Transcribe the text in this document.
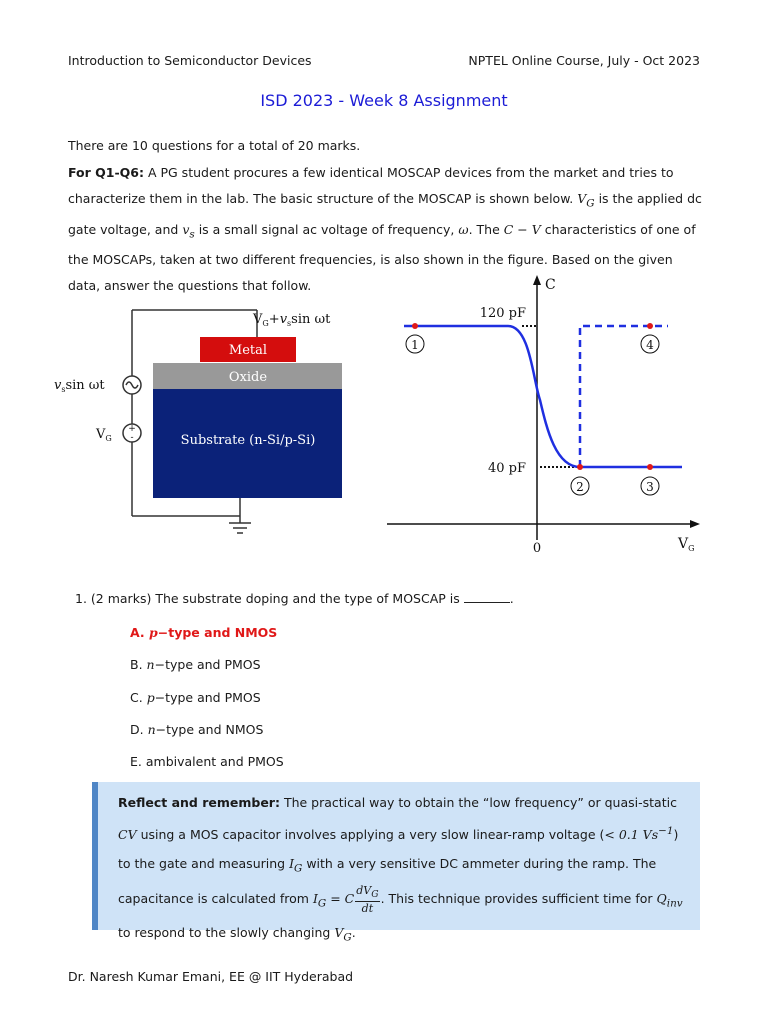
Introduction to Semiconductor Devices	NPTEL Online Course, July - Oct 2023
ISD 2023 - Week 8 Assignment
There are 10 questions for a total of 20 marks.
For Q1-Q6: A PG student procures a few identical MOSCAP devices from the market and tries to characterize them in the lab. The basic structure of the MOSCAP is shown below. $V_G$ is the applied dc gate voltage, and $v_s$ is a small signal ac voltage of frequency, ω. The C − V characteristics of one of the MOSCAPs, taken at two different frequencies, is also shown in the figure. Based on the given data, answer the questions that follow.
Metal
Oxide
Substrate (n-Si/p-Si)
$V_G+v_s\sin$ ωt
$v_s\sin$ ωt
+
-
$V_G$
C
$V_G$
0
120 pF
40 pF
1
2	3
4
1. (2 marks) The substrate doping and the type of MOSCAP is	.
A. p−type and NMOS
B. n−type and PMOS
C. p−type and PMOS
D. n−type and NMOS
E. ambivalent and PMOS
Reflect and remember: The practical way to obtain the “low frequency” or quasi-static CV using a MOS capacitor involves applying a very slow linear-ramp voltage (< 0.1 $Vs^{-1}$) to the gate and measuring $I_G$ with a very sensitive DC ammeter during the ramp. The capacitance is calculated from $I_G = C \frac{dV_G}{dt}$ . This technique provides sufficient time for $Q_{inv}$ to respond to the slowly changing $V_G$.
Dr. Naresh Kumar Emani, EE @ IIT Hyderabad
